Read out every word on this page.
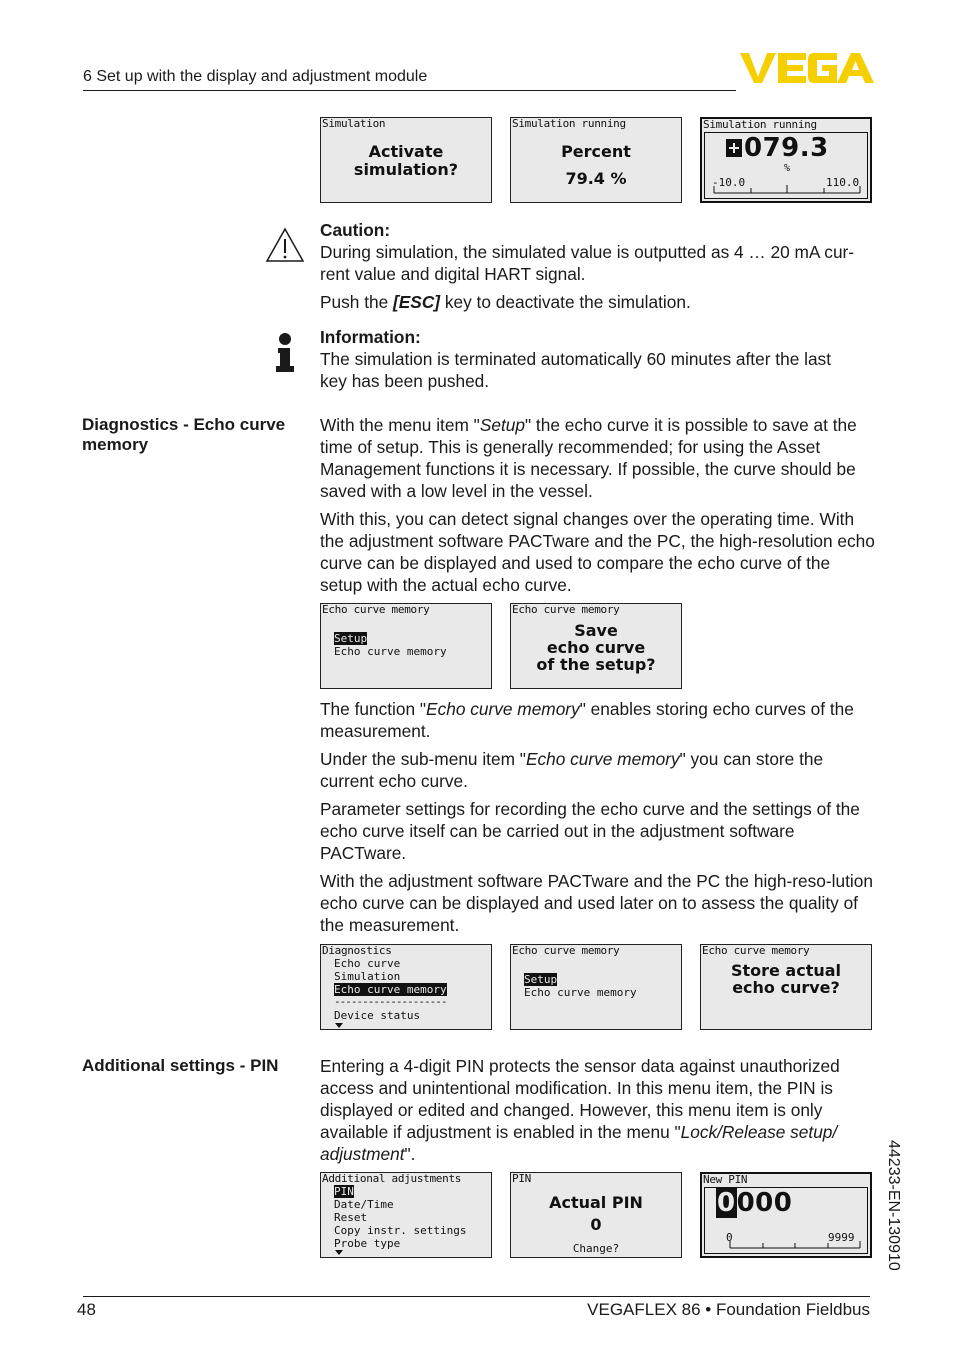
6 Set up with the display and adjustment module
Simulation
Activate
simulation?
Simulation running
Percent
79.4 %
Simulation running
079.3
%
-10.0	110.0

Caution:

During simulation, the simulated value is outputted as 4 … 20 mA cur-

rent value and digital HART signal.

Push the [ESC] key to deactivate the simulation.

Information:

The simulation is terminated automatically 60 minutes after the last

key has been pushed.

Diagnostics - Echo curve
memory

With the menu item "Setup" the echo curve it is possible to save at the time of setup. This is generally recommended; for using the Asset Management functions it is necessary. If possible, the curve should be saved with a low level in the vessel.

With this, you can detect signal changes over the operating time. With the adjustment software PACTware and the PC, the high-resolution echo curve can be displayed and used to compare the echo curve of the setup with the actual echo curve.

Echo curve memory
Setup
Echo curve memory
Echo curve memory
Save
echo curve
of the setup?

The function "Echo curve memory" enables storing echo curves of the measurement.

Under the sub-menu item "Echo curve memory" you can store the current echo curve.

Parameter settings for recording the echo curve and the settings of the echo curve itself can be carried out in the adjustment software PACTware.

With the adjustment software PACTware and the PC the high-reso-lution echo curve can be displayed and used later on to assess the quality of the measurement.

Diagnostics
Echo curve
Simulation
Echo curve memory
--------------------
Device status
Echo curve memory
Setup
Echo curve memory
Echo curve memory
Store actual
echo curve?
Additional settings - PIN	Entering a 4-digit PIN protects the sensor data against unauthorized access and unintentional modification. In this menu item, the PIN is displayed or edited and changed. However, this menu item is only available if adjustment is enabled in the menu "Lock/Release setup/ adjustment".

Additional adjustments
PIN
Date/Time
Reset
Copy instr. settings
Probe type
PIN
Actual PIN
0
Change?
New PIN
0000
0	9999 44233-EN-130910
48	VEGAFLEX 86 • Foundation Fieldbus
